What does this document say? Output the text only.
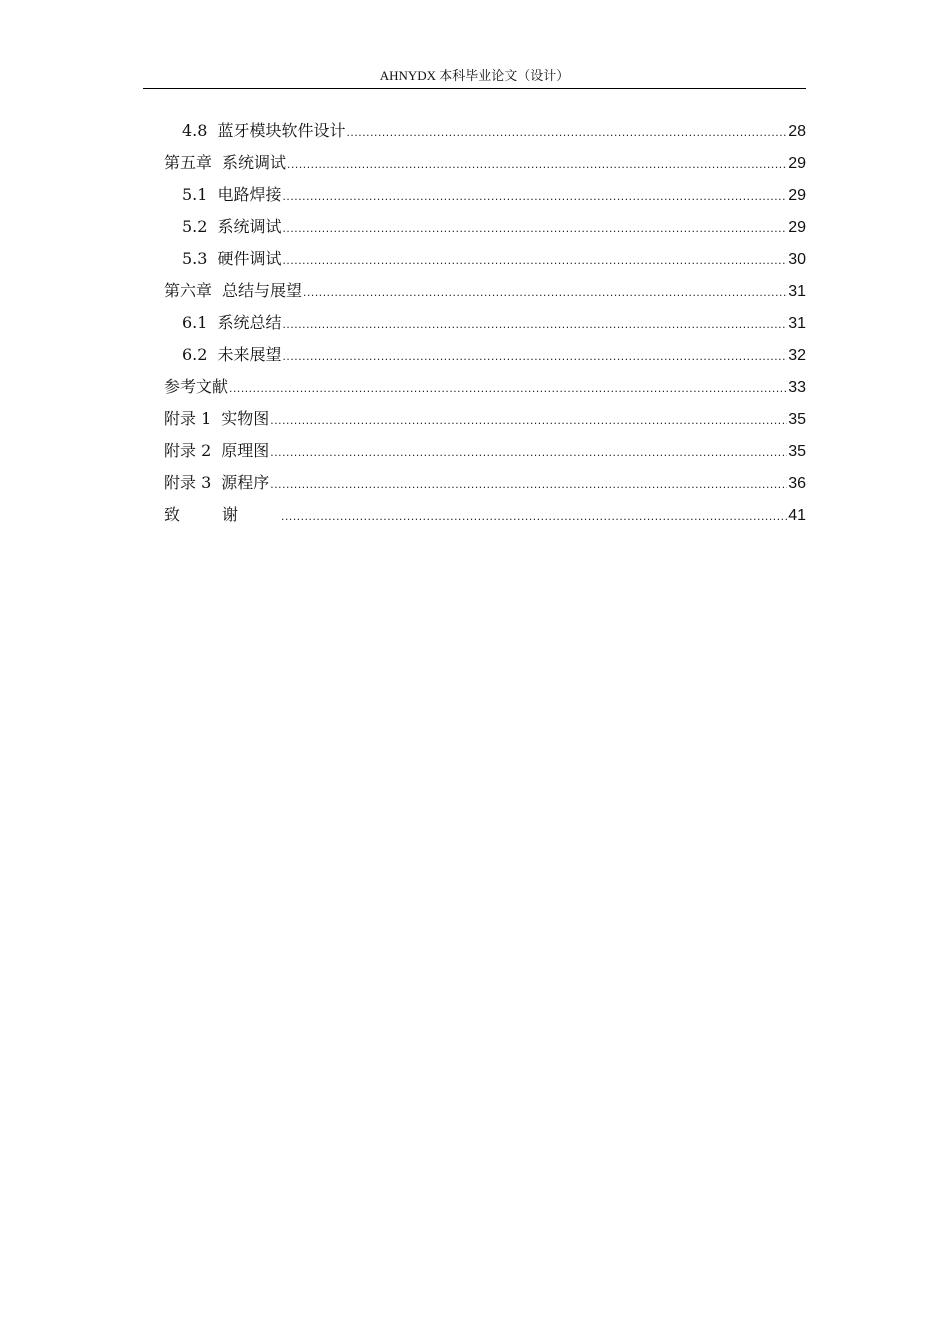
AHNYDX 本科毕业论文（设计）
4.8 蓝牙模块软件设计 .....	28
第五章 系统调试 .....	29
5.1 电路焊接 .....	29
5.2 系统调试 .....	29
5.3 硬件调试 .....	30
第六章 总结与展望 .....	31
6.1 系统总结 .....	31
6.2 未来展望 .....	32
参考文献 .....	33
附录 1 实物图 .....	35
附录 2 原理图 .....	35
附录 3 源程序 .....	36
致谢 .....	41
